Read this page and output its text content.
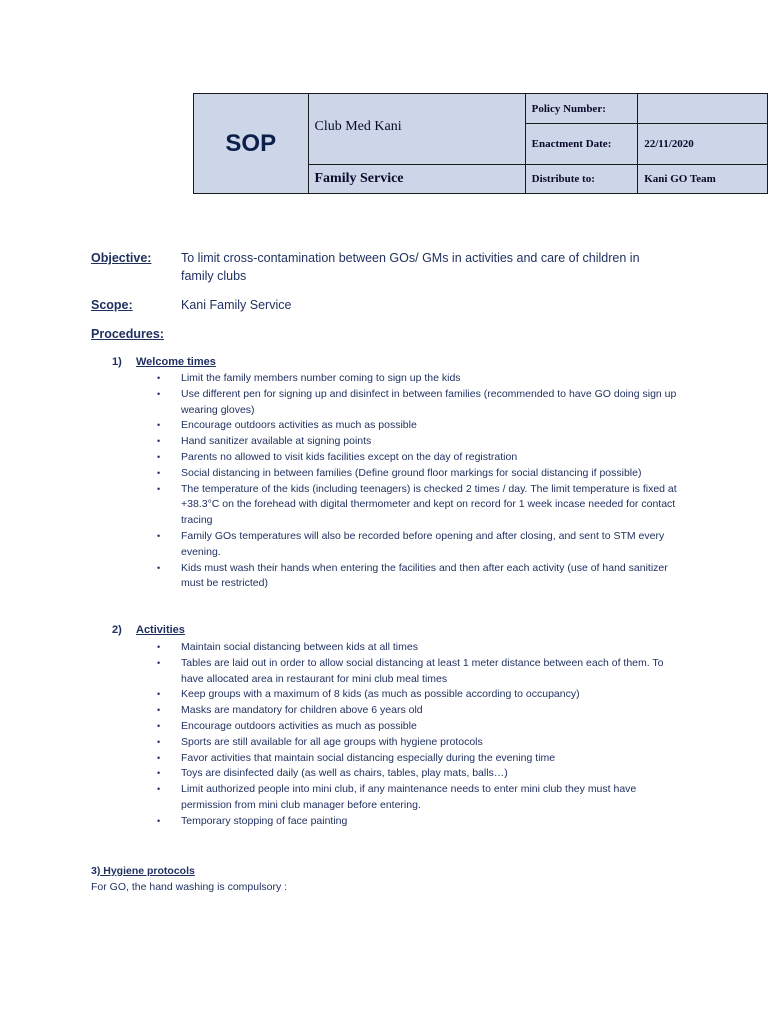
SOP	Club Med Kani	Policy Number:	
		Enactment Date:	22/11/2020
	Family Service	Distribute to:	Kani GO Team
Objective: To limit cross-contamination between GOs/ GMs in activities and care of children in family clubs
Scope:	Kani Family Service
Procedures:
1) Welcome times
• Limit the family members number coming to sign up the kids
• Use different pen for signing up and disinfect in between families (recommended to have GO doing sign up wearing gloves)
• Encourage outdoors activities as much as possible
• Hand sanitizer available at signing points
• Parents no allowed to visit kids facilities except on the day of registration
• Social distancing in between families (Define ground floor markings for social distancing if possible)
• The temperature of the kids (including teenagers) is checked 2 times / day. The limit temperature is fixed at +38.3°C on the forehead with digital thermometer and kept on record for 1 week incase needed for contact tracing
• Family GOs temperatures will also be recorded before opening and after closing, and sent to STM every evening.
• Kids must wash their hands when entering the facilities and then after each activity (use of hand sanitizer must be restricted)
2) Activities
• Maintain social distancing between kids at all times
• Tables are laid out in order to allow social distancing at least 1 meter distance between each of them. To have allocated area in restaurant for mini club meal times
• Keep groups with a maximum of 8 kids (as much as possible according to occupancy)
• Masks are mandatory for children above 6 years old
• Encourage outdoors activities as much as possible
• Sports are still available for all age groups with hygiene protocols
• Favor activities that maintain social distancing especially during the evening time
• Toys are disinfected daily (as well as chairs, tables, play mats, balls…)
• Limit authorized people into mini club, if any maintenance needs to enter mini club they must have permission from mini club manager before entering.
• Temporary stopping of face painting
3) Hygiene protocols
For GO, the hand washing is compulsory :
